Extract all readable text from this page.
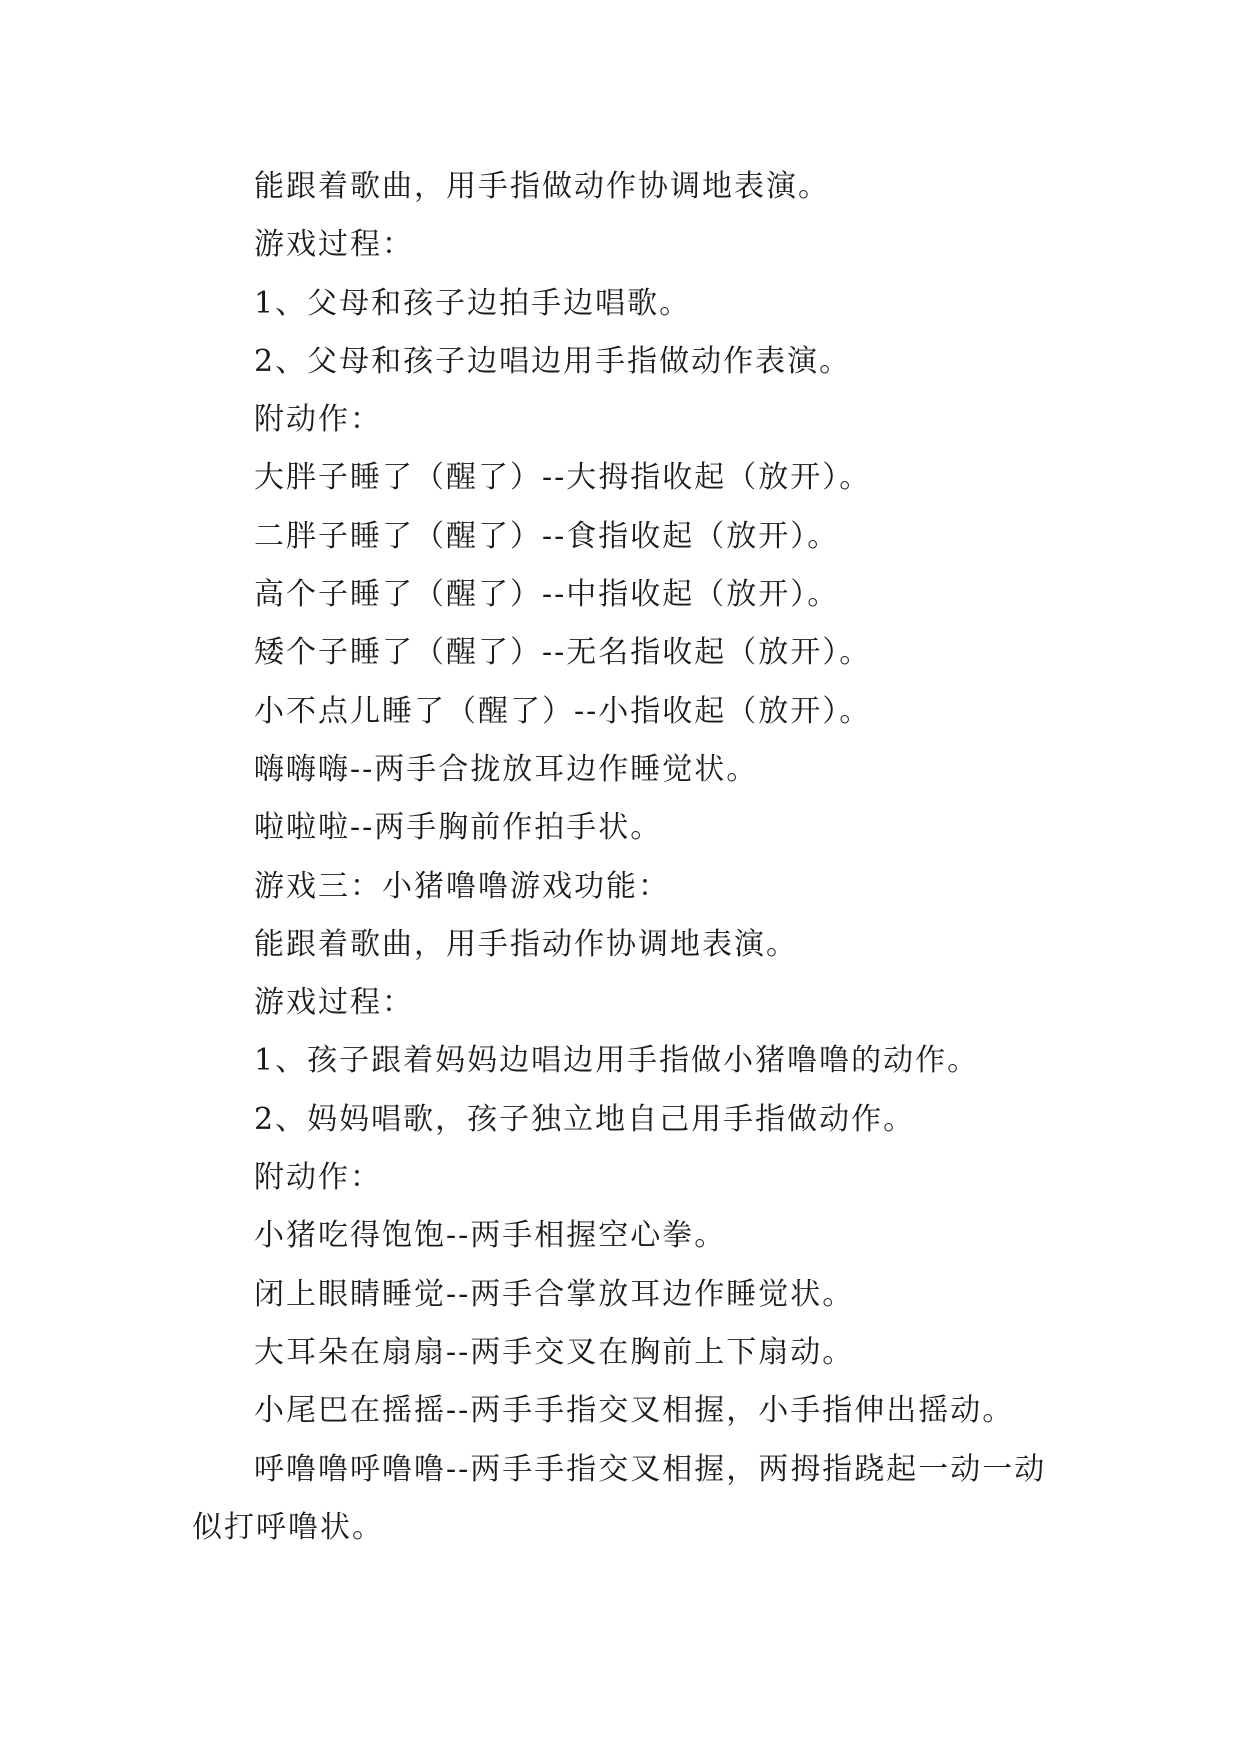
能跟着歌曲，用手指做动作协调地表演。

游戏过程：

1、父母和孩子边拍手边唱歌。

2、父母和孩子边唱边用手指做动作表演。

附动作：

大胖子睡了（醒了）--大拇指收起（放开）。

二胖子睡了（醒了）--食指收起（放开）。

高个子睡了（醒了）--中指收起（放开）。

矮个子睡了（醒了）--无名指收起（放开）。

小不点儿睡了（醒了）--小指收起（放开）。

嗨嗨嗨--两手合拢放耳边作睡觉状。

啦啦啦--两手胸前作拍手状。

游戏三：小猪噜噜游戏功能：

能跟着歌曲，用手指动作协调地表演。

游戏过程：

1、孩子跟着妈妈边唱边用手指做小猪噜噜的动作。

2、妈妈唱歌，孩子独立地自己用手指做动作。

附动作：

小猪吃得饱饱--两手相握空心拳。

闭上眼睛睡觉--两手合掌放耳边作睡觉状。

大耳朵在扇扇--两手交叉在胸前上下扇动。

小尾巴在摇摇--两手手指交叉相握，小手指伸出摇动。

呼噜噜呼噜噜--两手手指交叉相握，两拇指跷起一动一动似打呼噜状。
